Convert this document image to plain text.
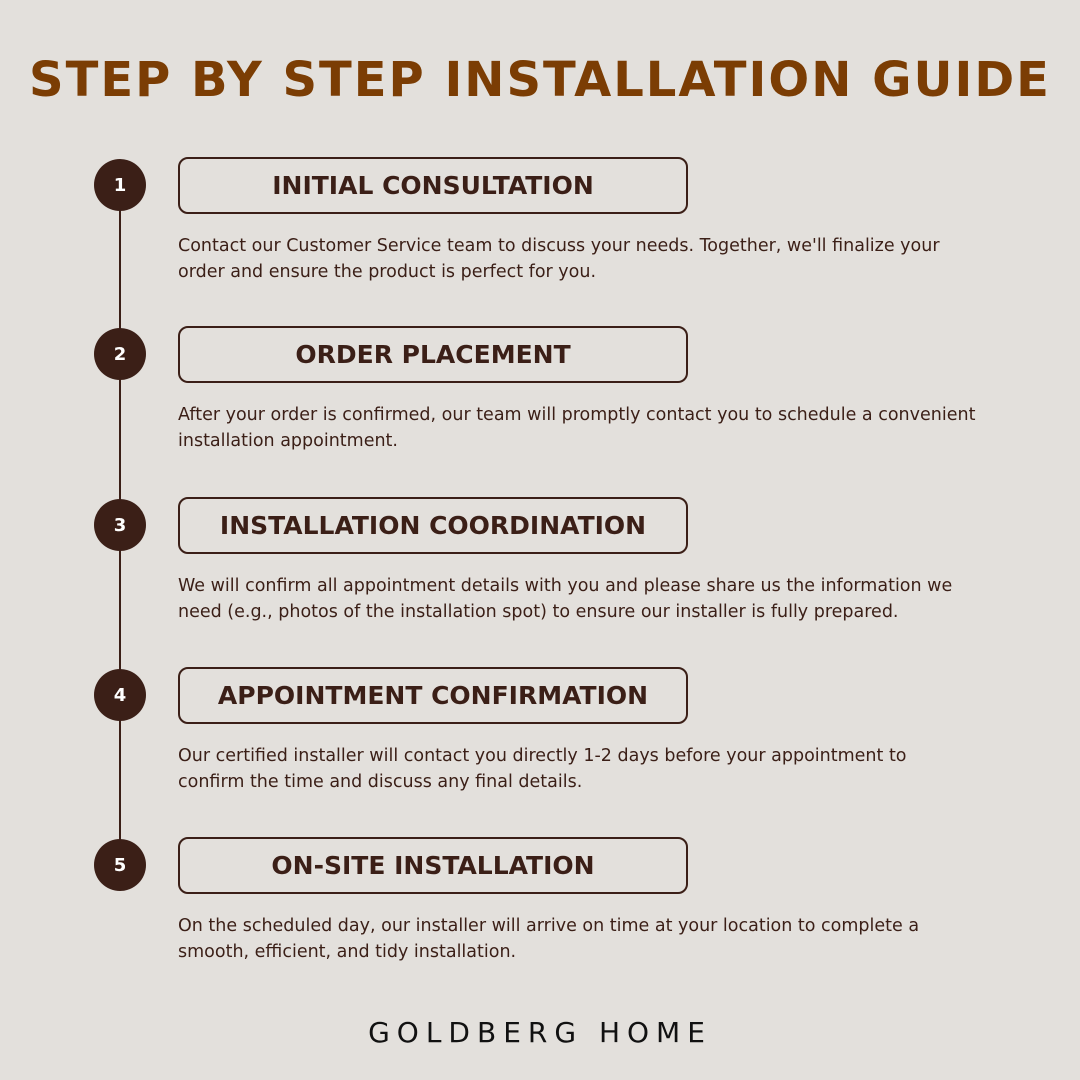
STEP BY STEP INSTALLATION GUIDE
1	INITIAL CONSULTATION

Contact our Customer Service team to discuss your needs. Together, we'll finalize your order and ensure the product is perfect for you.

2	ORDER PLACEMENT

After your order is confirmed, our team will promptly contact you to schedule a convenient installation appointment.

3	INSTALLATION COORDINATION

We will confirm all appointment details with you and please share us the information we need (e.g., photos of the installation spot) to ensure our installer is fully prepared.

4	APPOINTMENT CONFIRMATION

Our certified installer will contact you directly 1-2 days before your appointment to confirm the time and discuss any final details.

5	ON-SITE INSTALLATION

On the scheduled day, our installer will arrive on time at your location to complete a smooth, efficient, and tidy installation.

GOLDBERG HOME
